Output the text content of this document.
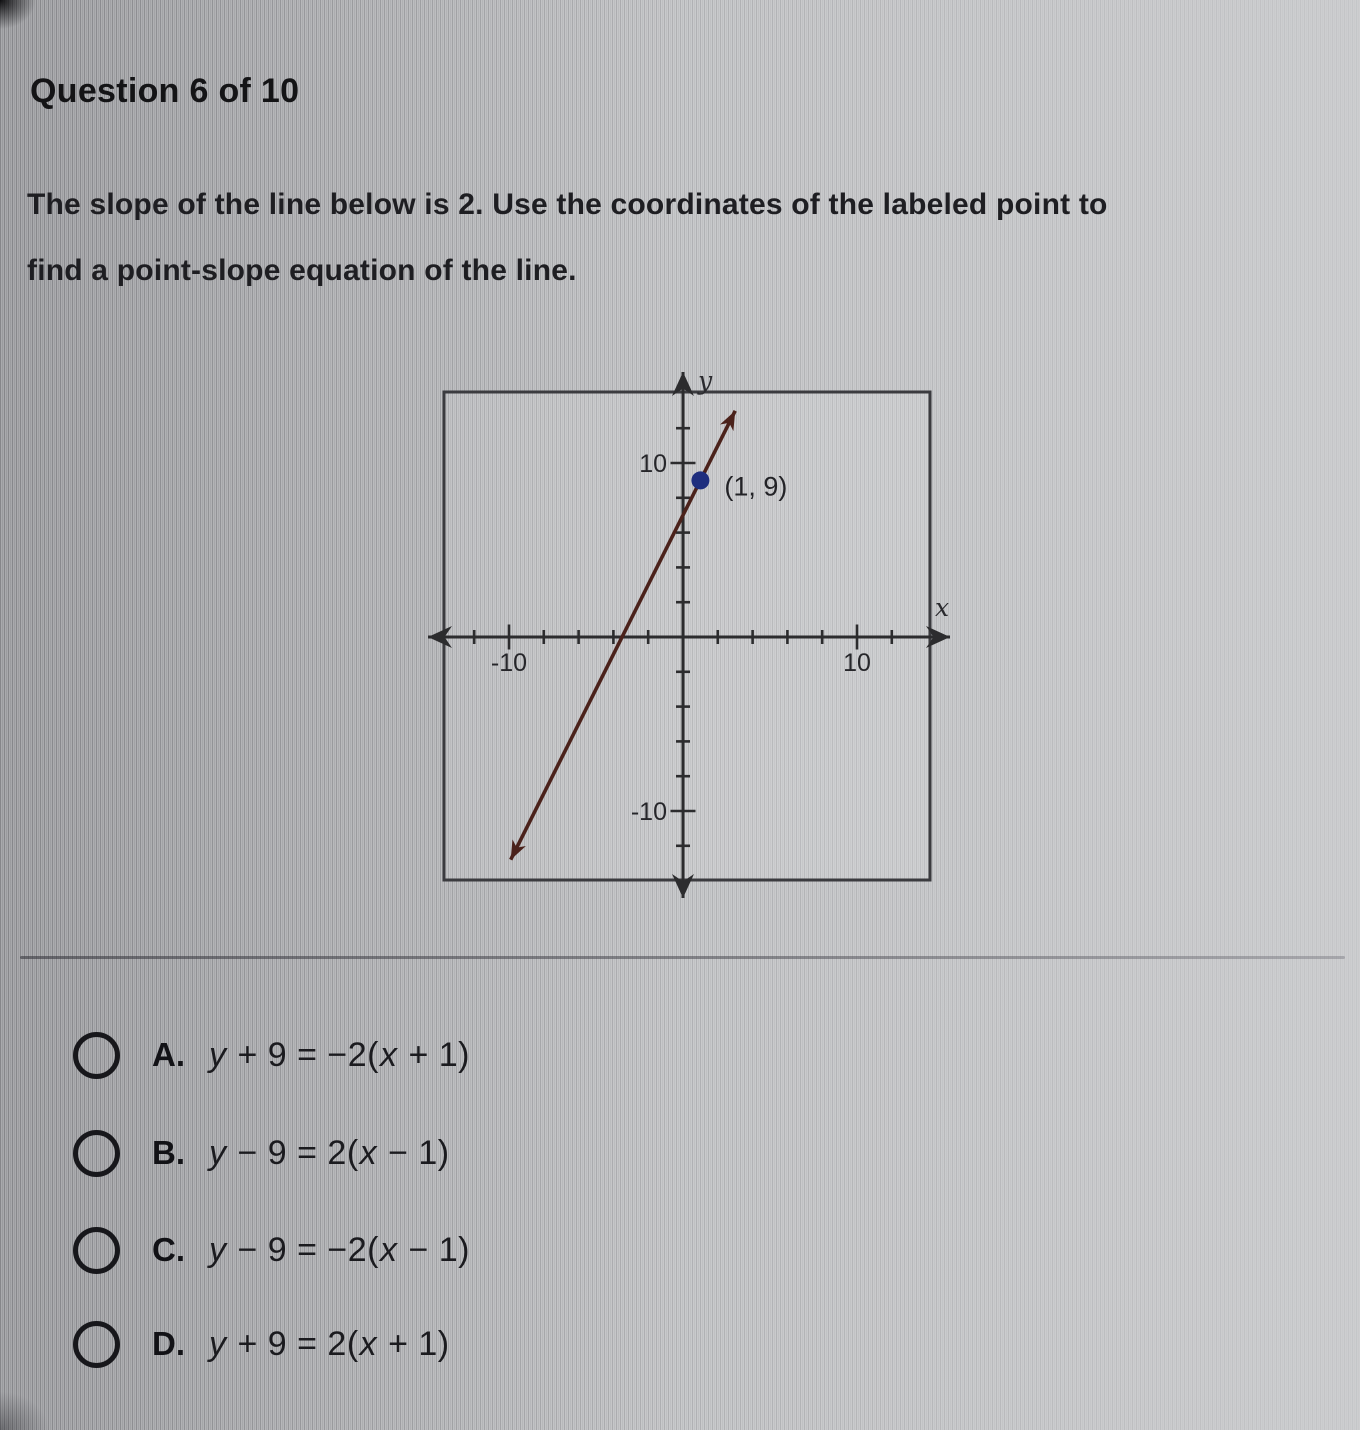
Question 6 of 10
The slope of the line below is 2. Use the coordinates of the labeled point to
find a point-slope equation of the line.
-10
-10
10
10
x
y
(1, 9)
A. y + 9 = −2(x + 1)
B. y − 9 = 2(x − 1)
C. y − 9 = −2(x − 1)
D. y + 9 = 2(x + 1)
